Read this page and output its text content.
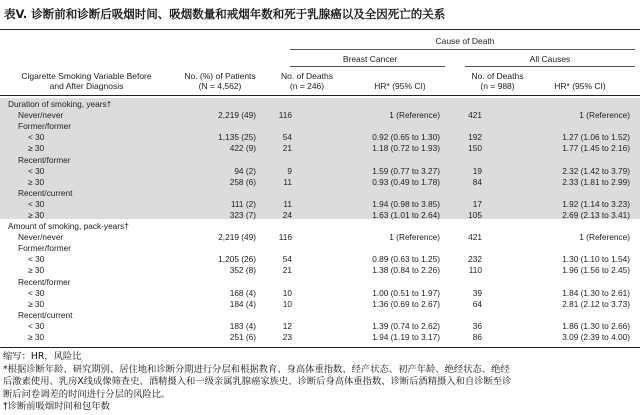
表V. 诊断前和诊断后吸烟时间、吸烟数量和戒烟年数和死于乳腺癌以及全因死亡的关系
Cause of Death
Breast Cancer	All Causes
Cigarette Smoking Variable Before
and After Diagnosis
No. (%) of Patients
(N = 4,562)
No. of Deaths
(n = 246)	HR* (95% CI)
No. of Deaths
(n = 988)	HR* (95% CI)
Duration of smoking, years†
Never/never	2,219 (49)	116	1 (Reference)	421	1 (Reference)
Former/former
< 30	1,135 (25)	54	0.92 (0.65 to 1.30)	192	1.27 (1.06 to 1.52)
≥ 30	422 (9)	21	1.18 (0.72 to 1.93)	150	1.77 (1.45 to 2.16)
Recent/former
< 30	94 (2)	9	1.59 (0.77 to 3.27)	19	2.32 (1.42 to 3.79)
≥ 30	258 (6)	11	0.93 (0.49 to 1.78)	84	2.33 (1.81 to 2.99)
Recent/current
< 30	111 (2)	11	1.94 (0.98 to 3.85)	17	1.92 (1.14 to 3.23)
≥ 30	323 (7)	24	1.63 (1.01 to 2.64)	105	2.69 (2.13 to 3.41)
Amount of smoking, pack-years†
Never/never	2,219 (49)	116	1 (Reference)	421	1 (Reference)
Former/former
< 30	1,205 (26)	54	0.89 (0.63 to 1.25)	232	1.30 (1.10 to 1.54)
≥ 30	352 (8)	21	1.38 (0.84 to 2.26)	110	1.96 (1.56 to 2.45)
Recent/former
< 30	168 (4)	10	1.00 (0.51 to 1.97)	39	1.84 (1.30 to 2.61)
≥ 30	184 (4)	10	1.36 (0.69 to 2.67)	64	2.81 (2.12 to 3.73)
Recent/current
< 30	183 (4)	12	1.39 (0.74 to 2.62)	36	1.86 (1.30 to 2.66)
≥ 30	251 (6)	23	1.94 (1.19 to 3.17)	86	3.09 (2.39 to 4.00)
缩写：HR，风险比
*根据诊断年龄、研究期别、居住地和诊断分期进行分层和根据教育、身高体重指数、经产状态、初产年龄、绝经状态、绝经
后激素使用、乳房X线成像筛查史、酒精摄入和一级亲属乳腺癌家族史、诊断后身高体重指数、诊断后酒精摄入和自诊断至诊
断后问卷调差的时间进行分层的风险比。
†诊断前吸烟时间和包年数
